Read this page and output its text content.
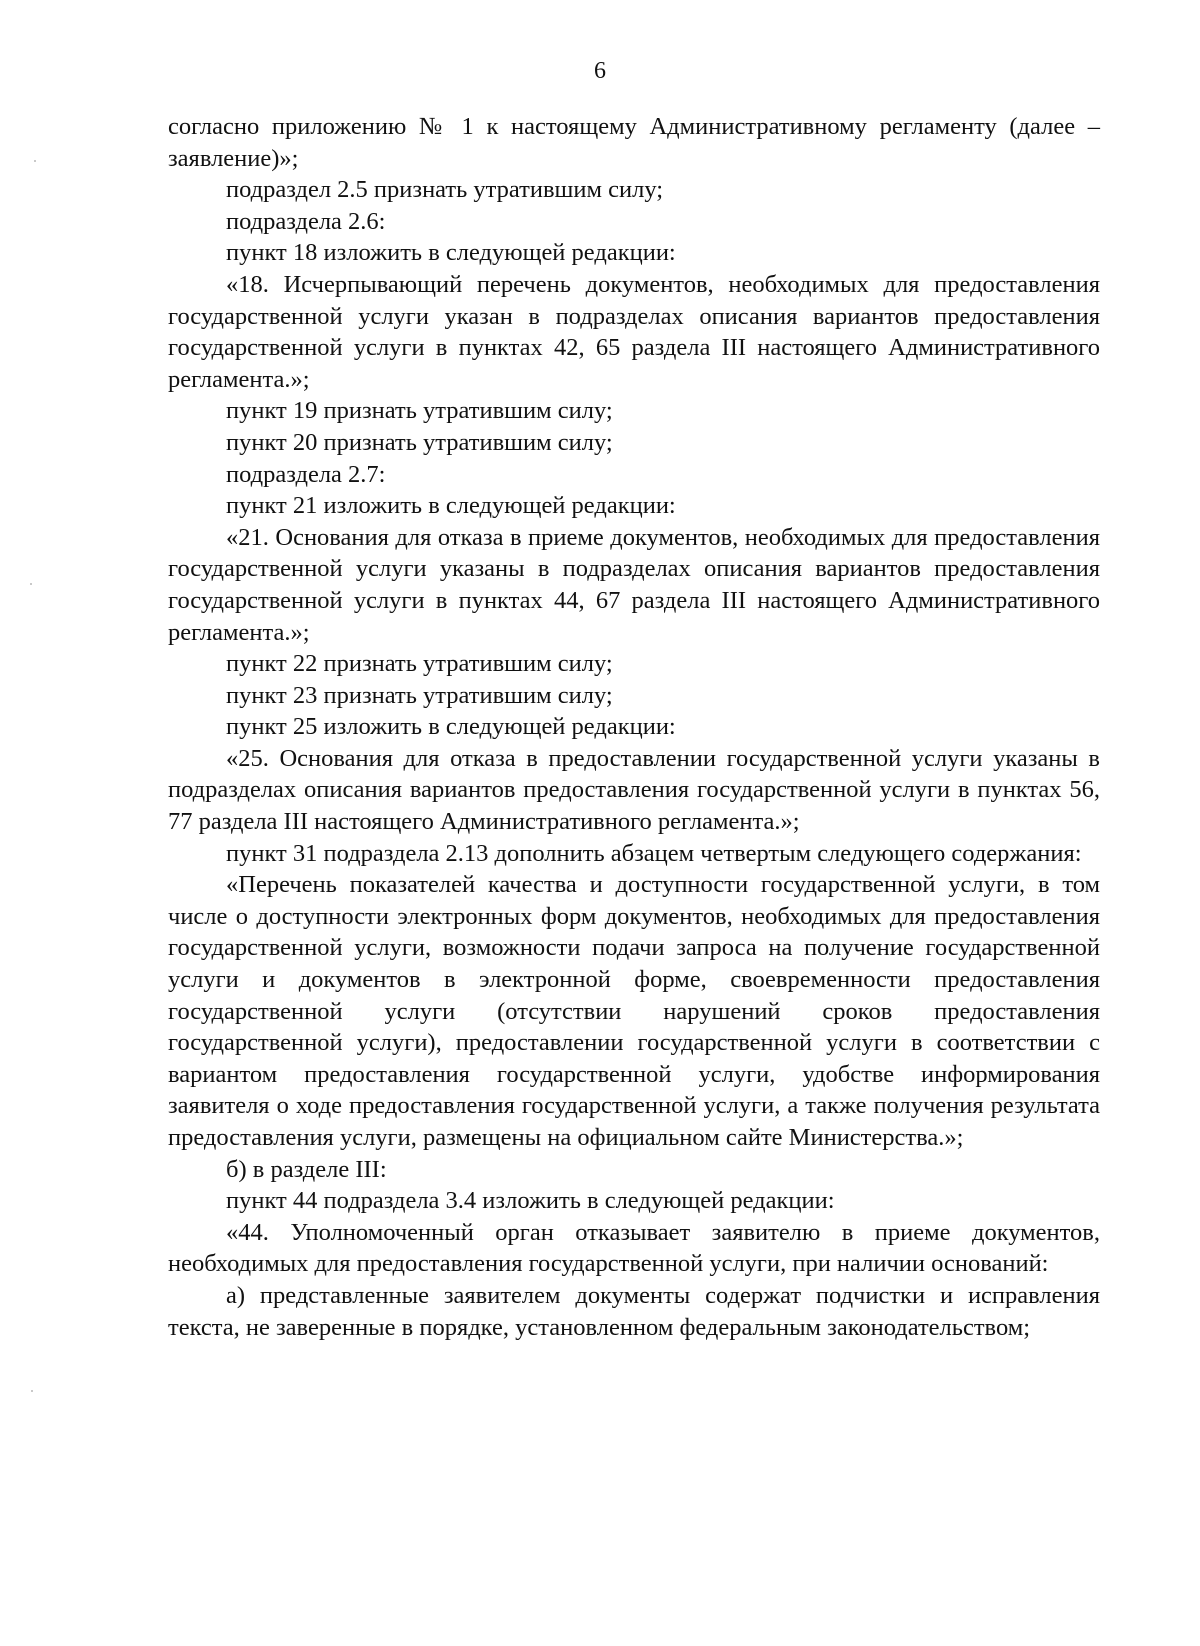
6

согласно приложению № 1 к настоящему Административному регламенту (далее – заявление)»;

подраздел 2.5 признать утратившим силу;

подраздела 2.6:

пункт 18 изложить в следующей редакции:

«18. Исчерпывающий перечень документов, необходимых для предоставления государственной услуги указан в подразделах описания вариантов предоставления государственной услуги в пунктах 42, 65 раздела III настоящего Административного регламента.»;

пункт 19 признать утратившим силу;

пункт 20 признать утратившим силу;

подраздела 2.7:

пункт 21 изложить в следующей редакции:

«21. Основания для отказа в приеме документов, необходимых для предоставления государственной услуги указаны в подразделах описания вариантов предоставления государственной услуги в пунктах 44, 67 раздела III настоящего Административного регламента.»;

пункт 22 признать утратившим силу;

пункт 23 признать утратившим силу;

пункт 25 изложить в следующей редакции:

«25. Основания для отказа в предоставлении государственной услуги указаны в подразделах описания вариантов предоставления государственной услуги в пунктах 56, 77 раздела III настоящего Административного регламента.»;

пункт 31 подраздела 2.13 дополнить абзацем четвертым следующего содержания:

«Перечень показателей качества и доступности государственной услуги, в том числе о доступности электронных форм документов, необходимых для предоставления государственной услуги, возможности подачи запроса на получение государственной услуги и документов в электронной форме, своевременности предоставления государственной услуги (отсутствии нарушений сроков предоставления государственной услуги), предоставлении государственной услуги в соответствии с вариантом предоставления государственной услуги, удобстве информирования заявителя о ходе предоставления государственной услуги, а также получения результата предоставления услуги, размещены на официальном сайте Министерства.»;

б) в разделе III:

пункт 44 подраздела 3.4 изложить в следующей редакции:

«44. Уполномоченный орган отказывает заявителю в приеме документов, необходимых для предоставления государственной услуги, при наличии оснований:

а) представленные заявителем документы содержат подчистки и исправления текста, не заверенные в порядке, установленном федеральным законодательством;
